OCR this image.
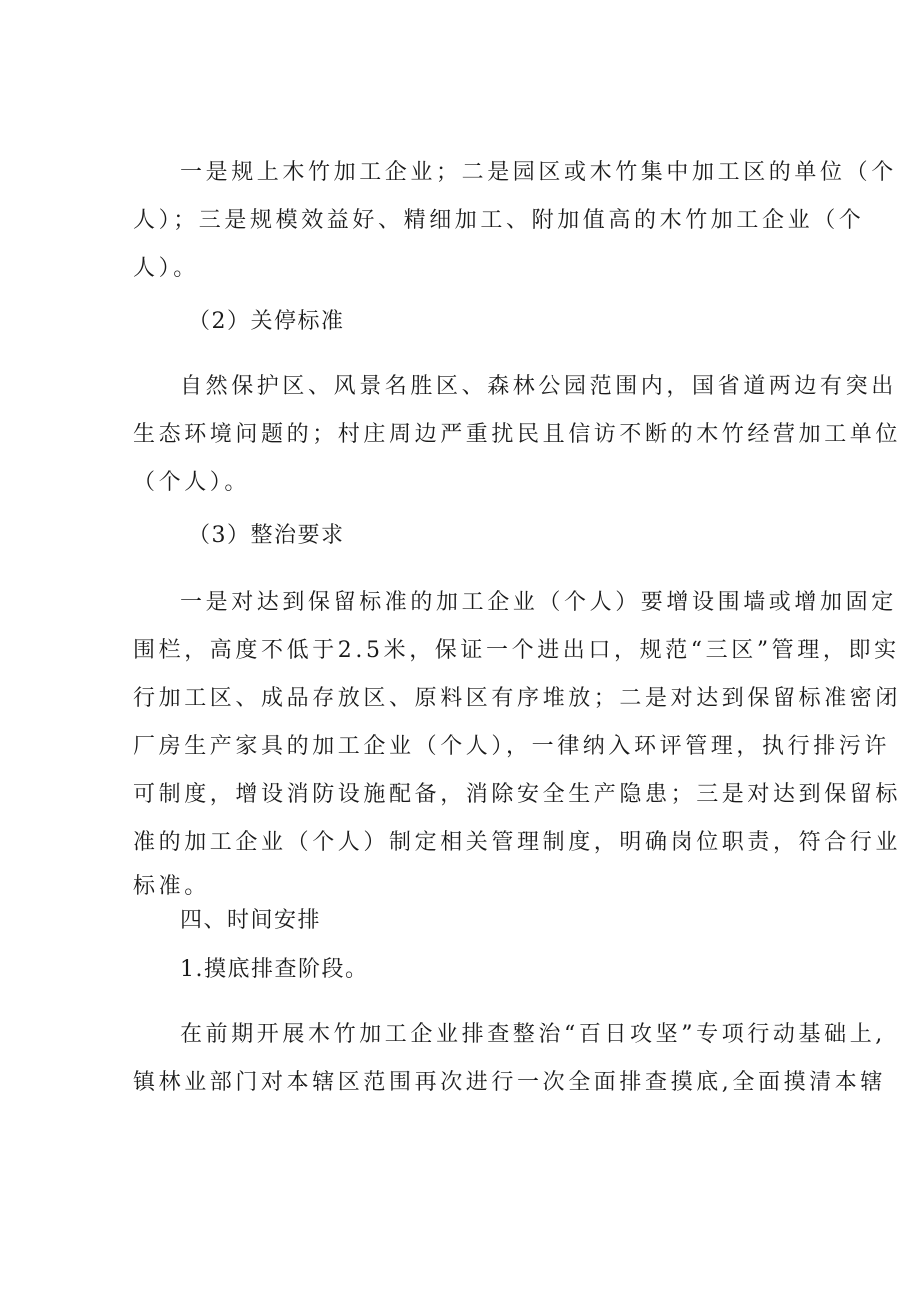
一是规上木竹加工企业；二是园区或木竹集中加工区的单位（个
人）；三是规模效益好、精细加工、附加值高的木竹加工企业（个
人）。
（2）关停标准
自然保护区、风景名胜区、森林公园范围内，国省道两边有突出
生态环境问题的；村庄周边严重扰民且信访不断的木竹经营加工单位
（个人）。
（3）整治要求
一是对达到保留标准的加工企业（个人）要增设围墙或增加固定
围栏，高度不低于2.5米，保证一个进出口，规范“三区”管理，即实
行加工区、成品存放区、原料区有序堆放；二是对达到保留标准密闭
厂房生产家具的加工企业（个人），一律纳入环评管理，执行排污许
可制度，增设消防设施配备，消除安全生产隐患；三是对达到保留标
准的加工企业（个人）制定相关管理制度，明确岗位职责，符合行业
标准。
四、时间安排
1.摸底排查阶段。
在前期开展木竹加工企业排查整治“百日攻坚”专项行动基础上,
镇林业部门对本辖区范围再次进行一次全面排查摸底,全面摸清本辖
